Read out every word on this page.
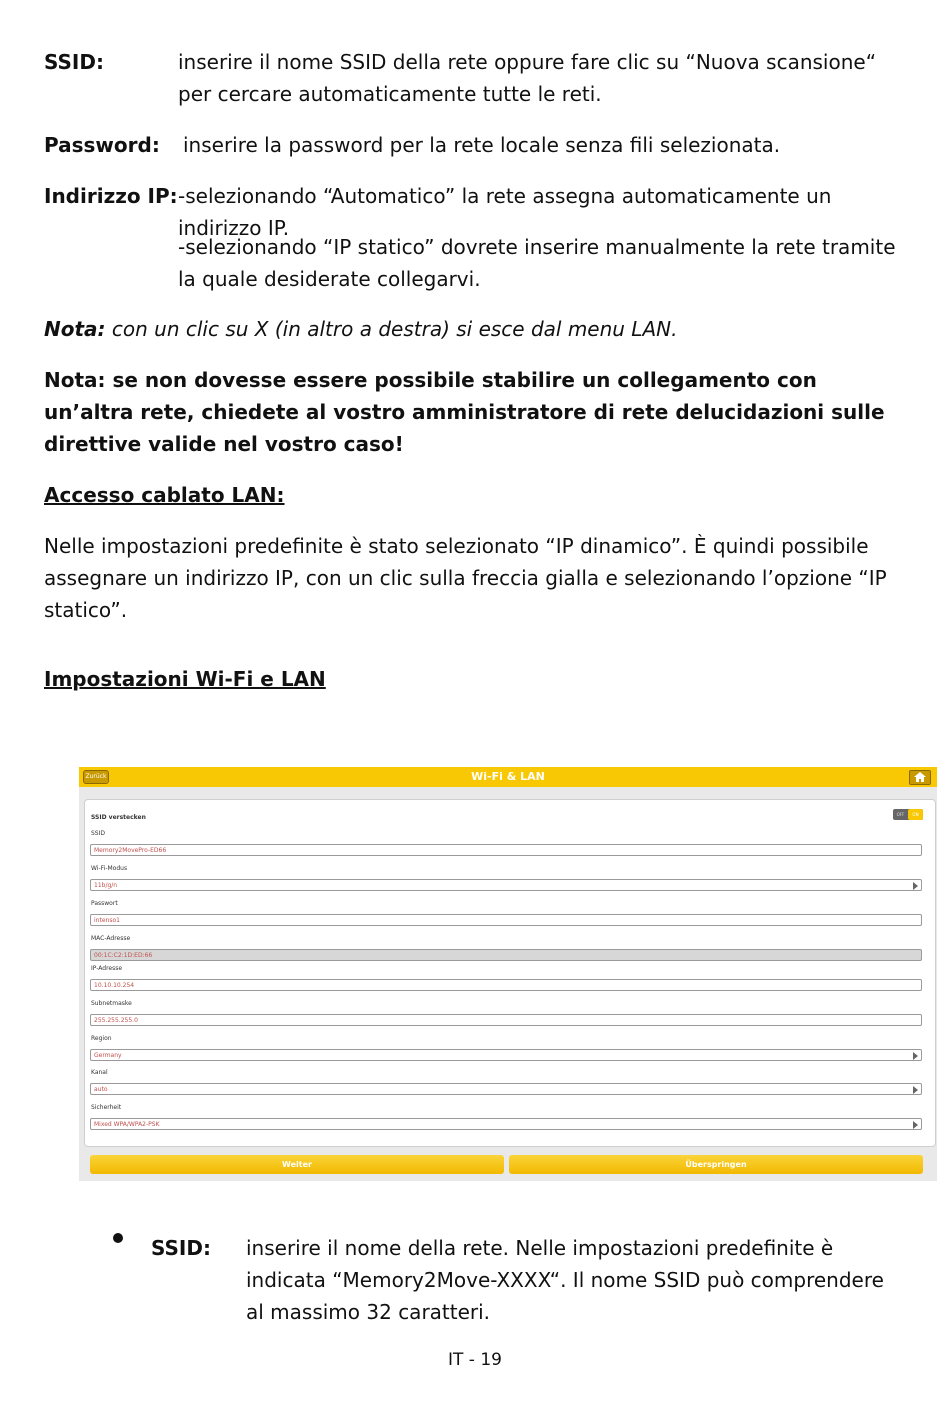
SSID:	inserire il nome SSID della rete oppure fare clic su “Nuova scansione“ per cercare automaticamente tutte le reti.
Password: inserire la password per la rete locale senza fili selezionata.
Indirizzo IP: -selezionando “Automatico” la rete assegna automaticamente un indirizzo IP.
-selezionando “IP statico” dovrete inserire manualmente la rete tramite la quale desiderate collegarvi.
Nota: con un clic su X (in altro a destra) si esce dal menu LAN.
Nota: se non dovesse essere possibile stabilire un collegamento con un’altra rete, chiedete al vostro amministratore di rete delucidazioni sulle direttive valide nel vostro caso!
Accesso cablato LAN:
Nelle impostazioni predefinite è stato selezionato “IP dinamico”. È quindi possibile assegnare un indirizzo IP, con un clic sulla freccia gialla e selezionando l’opzione “IP statico”.
Impostazioni Wi-Fi e LAN
Zurück	Wi-Fi & LAN
SSID verstecken	OFF	ON
SSID
Memory2MovePro-ED66
Wi-Fi-Modus
11b/g/n
Passwort
intenso1
MAC-Adresse
00:1C:C2:1D:ED:66
IP-Adresse
10.10.10.254
Subnetmaske
255.255.255.0
Region
Germany
Kanal
auto
Sicherheit
Mixed WPA/WPA2-PSK
Weiter	Überspringen
SSID: inserire il nome della rete. Nelle impostazioni predefinite è indicata “Memory2Move-XXXX“. Il nome SSID può comprendere al massimo 32 caratteri.
IT - 19
